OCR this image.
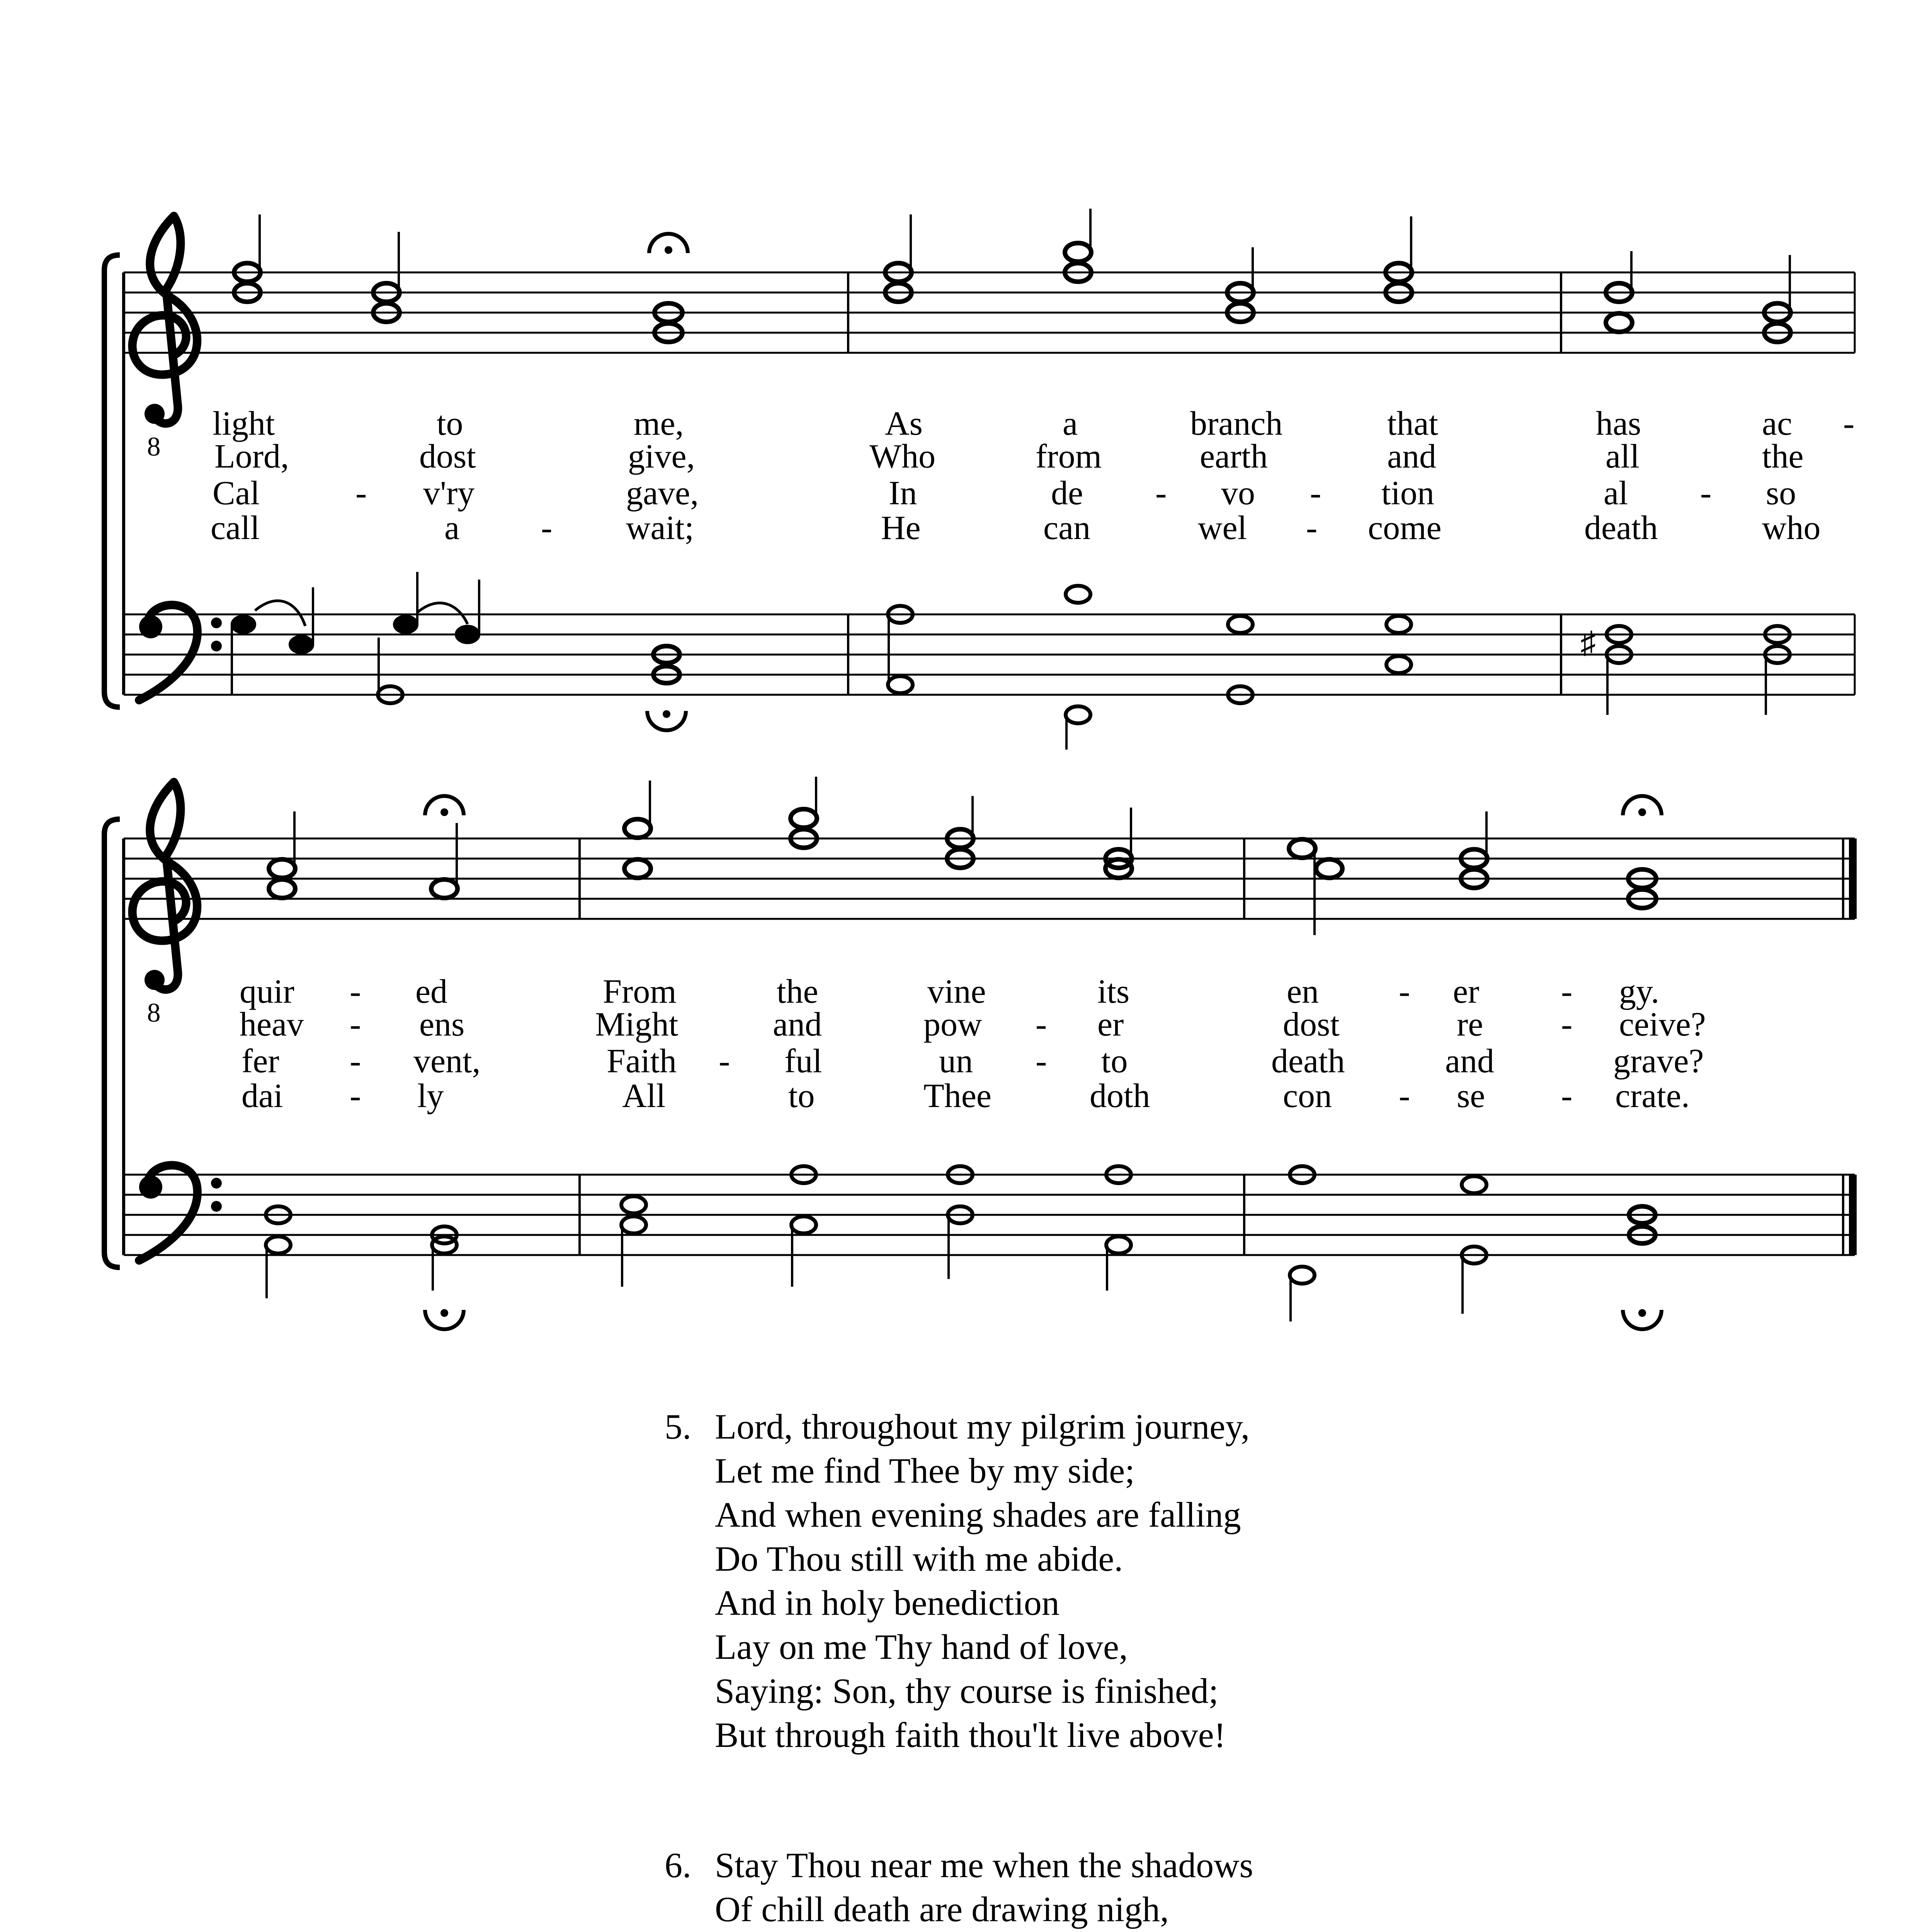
light	to	me,	As	a	branch	that	has	ac -
Lord,	dost	give,	Who	from	earth	and	all	the
Cal	- v'ry	gave,	In	de - vo - tion	al - so
call	a - wait;	He	can	wel - come	death	who
♯
quir - ed	From	the	vine	its	en - er - gy.
heav - ens	Might	and	pow - er	dost	re - ceive?
fer - vent,	Faith - ful	un - to	death	and	grave?
dai - ly	All	to	Thee	doth	con - se - crate.
5. Lord, throughout my pilgrim journey,
Let me find Thee by my side;
And when evening shades are falling
Do Thou still with me abide.
And in holy benediction
Lay on me Thy hand of love,
Saying: Son, thy course is finished;
But through faith thou'lt live above!
6. Stay Thou near me when the shadows
Of chill death are drawing nigh,
